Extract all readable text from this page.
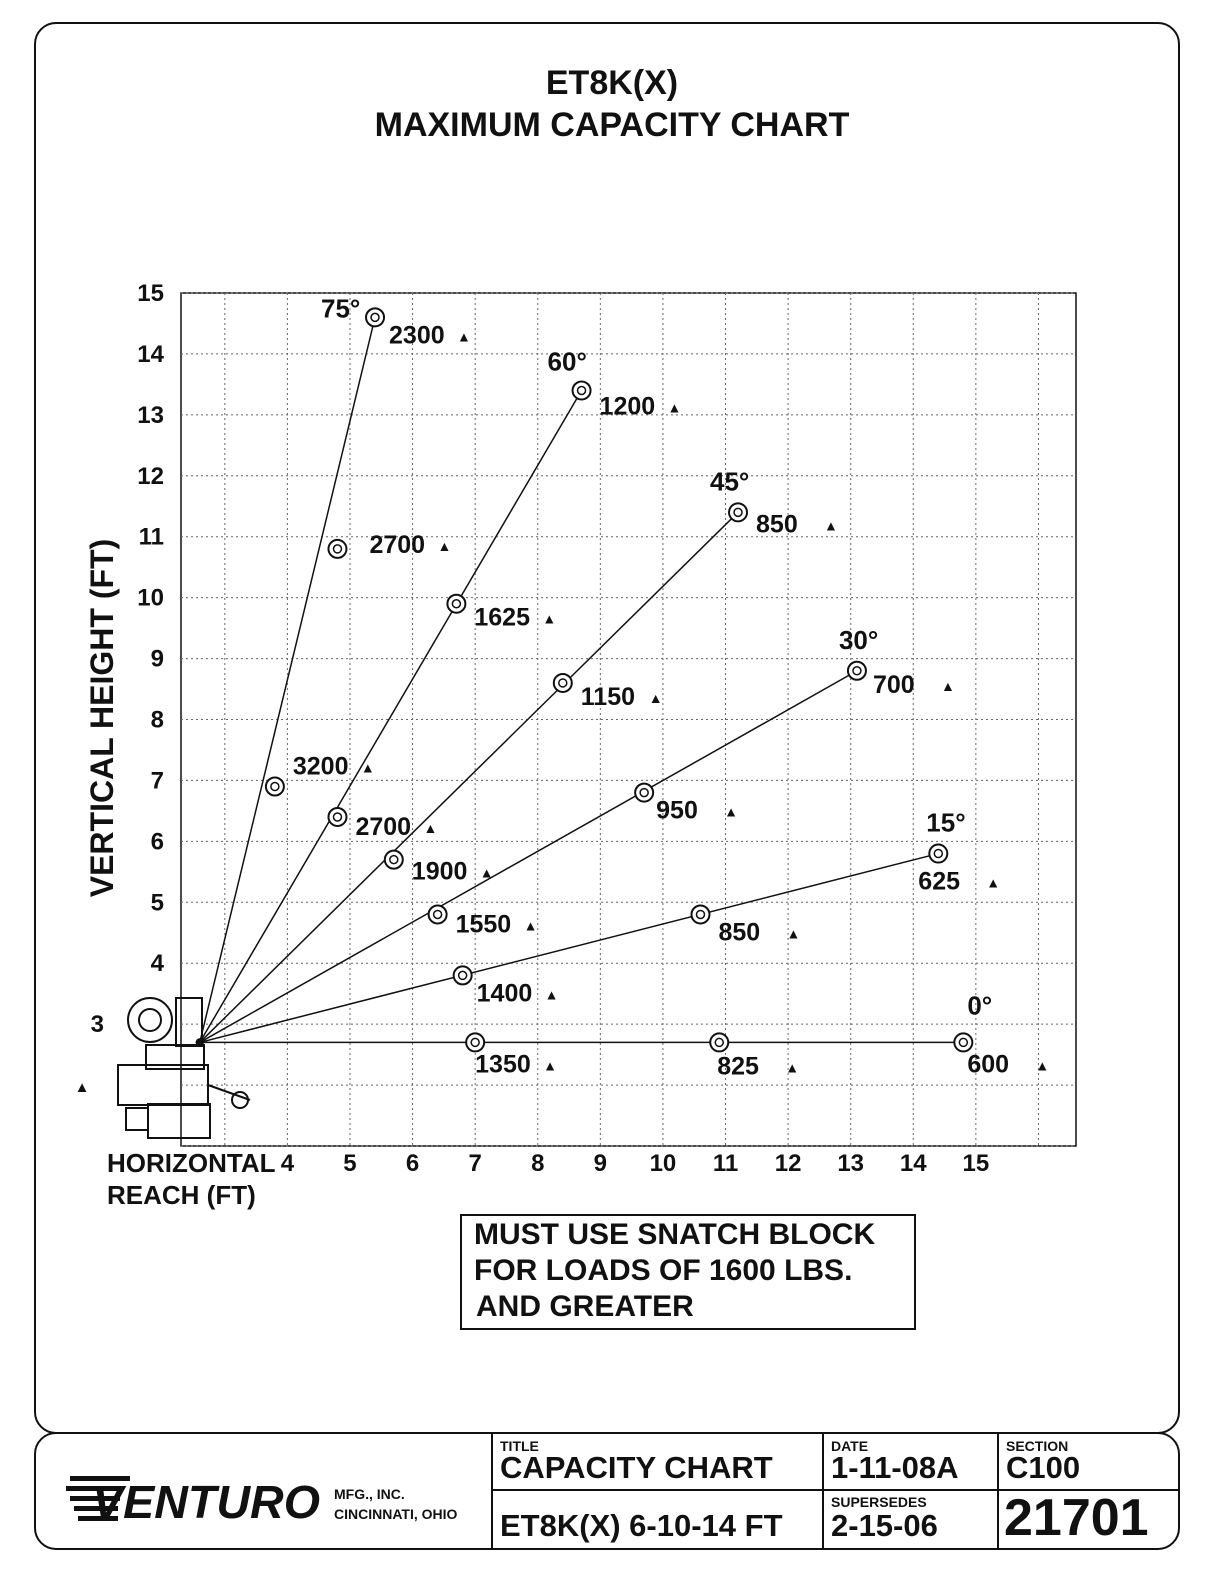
ET8K(X)
MAXIMUM CAPACITY CHART
▲
3200 ▲
2700 ▲
2300 ▲
75°
2700 ▲
1625 ▲
1200 ▲
60°
1900 ▲
1150 ▲
850 ▲
45°
1550 ▲
950 ▲
700 ▲
30°
1400 ▲
850 ▲
625 ▲
15°
1350 ▲	825 ▲	600 ▲
0°
4 5 6 7 8 9 10 11 12 13 14 15
15
14
13
12
11
10
9
8
7
6
5
4
3
VERTICAL HEIGHT (FT)
HORIZONTAL
REACH (FT)
MUST USE SNATCH BLOCK
FOR LOADS OF 1600 LBS.
AND GREATER
VENTURO MFG., INC.
CINCINNATI, OHIO
TITLE
CAPACITY CHART
ET8K(X) 6-10-14 FT
DATE
1-11-08A
SUPERSEDES
2-15-06
SECTION
C100
21701
